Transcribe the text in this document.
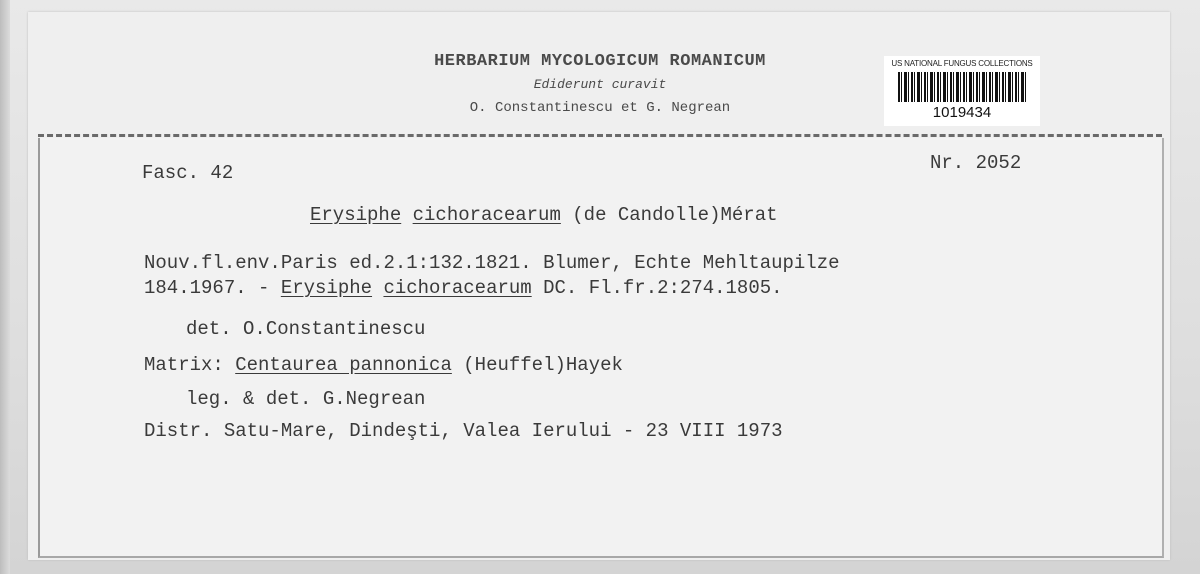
HERBARIUM MYCOLOGICUM ROMANICUM

Ediderunt curavit

O. Constantinescu et G. Negrean

US NATIONAL FUNGUS COLLECTIONS
1019434
Fasc. 42	Nr. 2052
Erysiphe cichoracearum (de Candolle)Mérat
Nouv.fl.env.Paris ed.2.1:132.1821. Blumer, Echte Mehltaupilze
184.1967. - Erysiphe cichoracearum DC. Fl.fr.2:274.1805.
det. O.Constantinescu
Matrix: Centaurea pannonica (Heuffel)Hayek
leg. & det. G.Negrean
Distr. Satu-Mare, Dindeşti, Valea Ierului - 23 VIII 1973
